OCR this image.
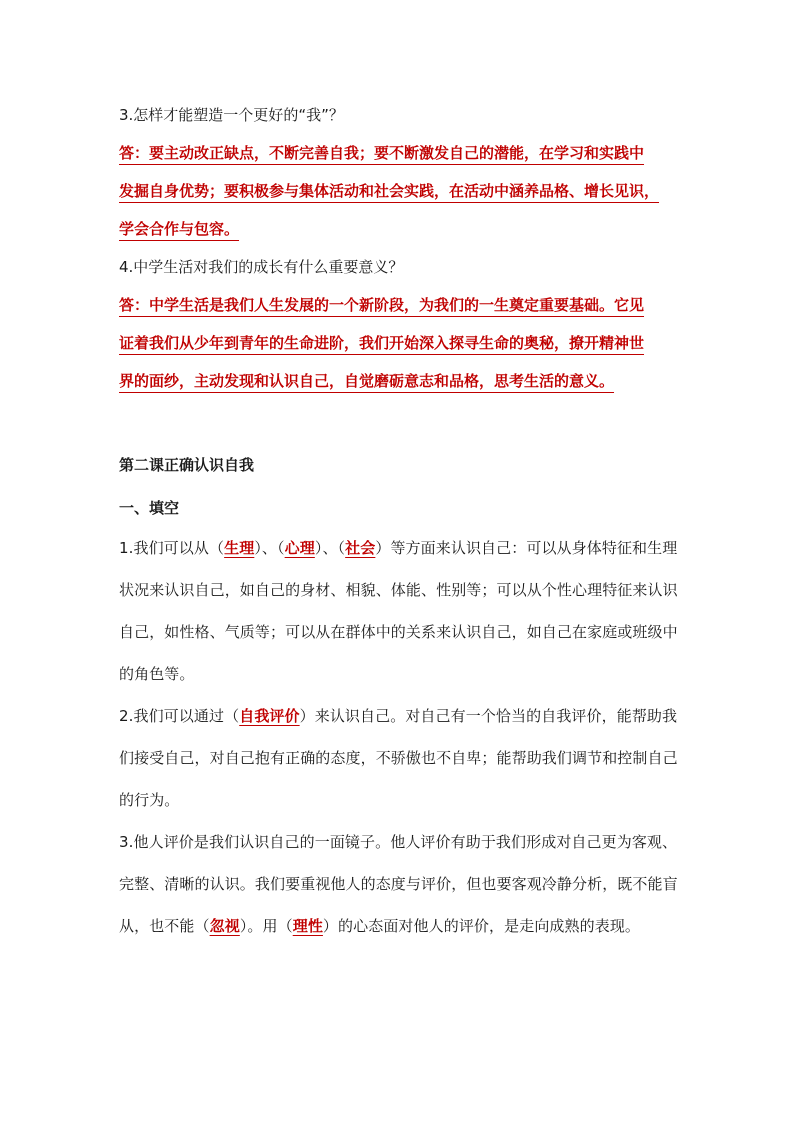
3.怎样才能塑造一个更好的“我”？

答：要主动改正缺点，不断完善自我；要不断激发自己的潜能，在学习和实践中
发掘自身优势；要积极参与集体活动和社会实践，在活动中涵养品格、增长见识，
学会合作与包容。

4.中学生活对我们的成长有什么重要意义？

答：中学生活是我们人生发展的一个新阶段，为我们的一生奠定重要基础。它见
证着我们从少年到青年的生命进阶，我们开始深入探寻生命的奥秘，撩开精神世
界的面纱，主动发现和认识自己，自觉磨砺意志和品格，思考生活的意义。

第二课正确认识自我

一、填空

1.我们可以从（生理）、（心理）、（社会）等方面来认识自己：可以从身体特征和生理状况来认识自己，如自己的身材、相貌、体能、性别等；可以从个性心理特征来认识自己，如性格、气质等；可以从在群体中的关系来认识自己，如自己在家庭或班级中的角色等。

2.我们可以通过（自我评价）来认识自己。对自己有一个恰当的自我评价，能帮助我们接受自己，对自己抱有正确的态度，不骄傲也不自卑；能帮助我们调节和控制自己的行为。

3.他人评价是我们认识自己的一面镜子。他人评价有助于我们形成对自己更为客观、完整、清晰的认识。我们要重视他人的态度与评价，但也要客观冷静分析，既不能盲从，也不能（忽视）。用（理性）的心态面对他人的评价，是走向成熟的表现。
